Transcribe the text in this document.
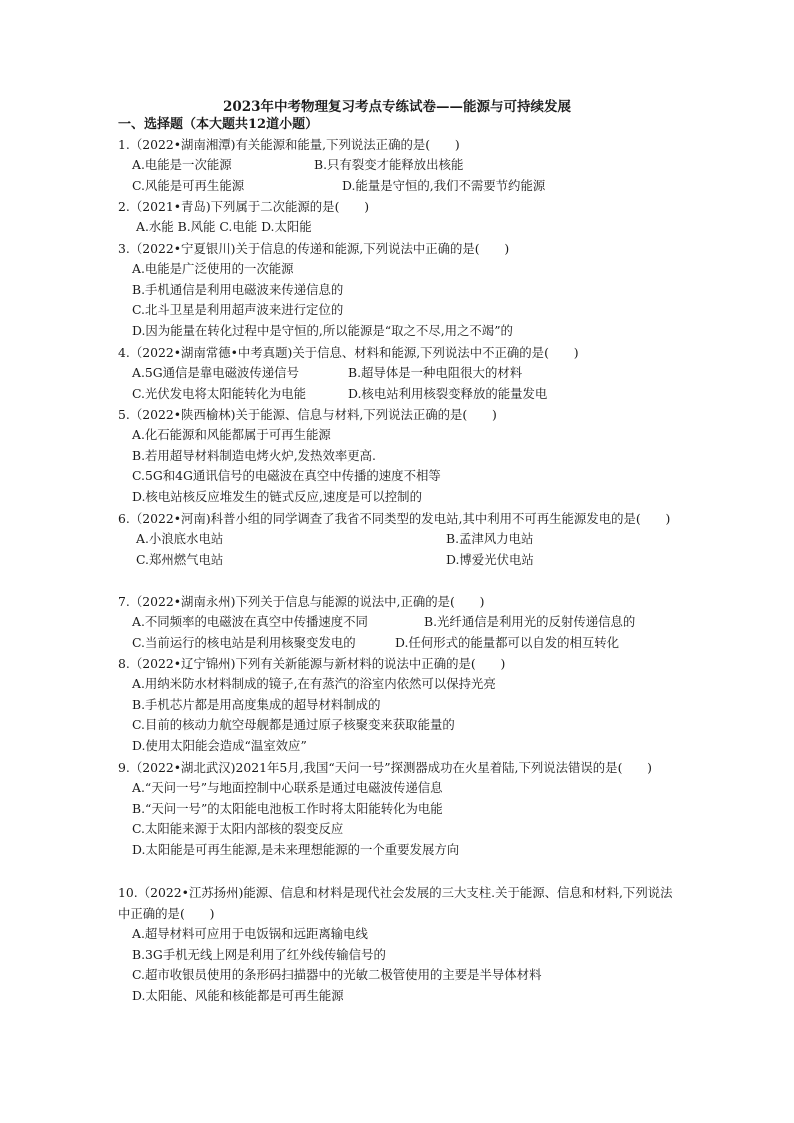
2023年中考物理复习考点专练试卷——能源与可持续发展
一、选择题（本大题共12道小题）
1.（2022•湖南湘潭)有关能源和能量,下列说法正确的是(　　)
A.电能是一次能源	B.只有裂变才能释放出核能
C.风能是可再生能源	D.能量是守恒的,我们不需要节约能源
2.（2021•青岛)下列属于二次能源的是(　　)
A.水能 B.风能 C.电能 D.太阳能
3.（2022•宁夏银川)关于信息的传递和能源,下列说法中正确的是(　　)
A.电能是广泛使用的一次能源
B.手机通信是利用电磁波来传递信息的
C.北斗卫星是利用超声波来进行定位的
D.因为能量在转化过程中是守恒的,所以能源是“取之不尽,用之不竭”的
4.（2022•湖南常德•中考真题)关于信息、材料和能源,下列说法中不正确的是(　　)
A.5G通信是靠电磁波传递信号	B.超导体是一种电阻很大的材料
C.光伏发电将太阳能转化为电能	D.核电站利用核裂变释放的能量发电
5.（2022•陕西榆林)关于能源、信息与材料,下列说法正确的是(　　)
A.化石能源和风能都属于可再生能源
B.若用超导材料制造电烤火炉,发热效率更高.
C.5G和4G通讯信号的电磁波在真空中传播的速度不相等
D.核电站核反应堆发生的链式反应,速度是可以控制的
6.（2022•河南)科普小组的同学调查了我省不同类型的发电站,其中利用不可再生能源发电的是(　　)
A.小浪底水电站	B.孟津风力电站
C.郑州燃气电站	D.博爱光伏电站
7.（2022•湖南永州)下列关于信息与能源的说法中,正确的是(　　)
A.不同频率的电磁波在真空中传播速度不同	B.光纤通信是利用光的反射传递信息的
C.当前运行的核电站是利用核聚变发电的	D.任何形式的能量都可以自发的相互转化
8.（2022•辽宁锦州)下列有关新能源与新材料的说法中正确的是(　　)
A.用纳米防水材料制成的镜子,在有蒸汽的浴室内依然可以保持光亮
B.手机芯片都是用高度集成的超导材料制成的
C.目前的核动力航空母舰都是通过原子核聚变来获取能量的
D.使用太阳能会造成“温室效应”
9.（2022•湖北武汉)2021年5月,我国“天问一号”探测器成功在火星着陆,下列说法错误的是(　　)
A.“天问一号”与地面控制中心联系是通过电磁波传递信息
B.“天问一号”的太阳能电池板工作时将太阳能转化为电能
C.太阳能来源于太阳内部核的裂变反应
D.太阳能是可再生能源,是未来理想能源的一个重要发展方向
10.（2022•江苏扬州)能源、信息和材料是现代社会发展的三大支柱.关于能源、信息和材料,下列说法中正确的是(　　)
A.超导材料可应用于电饭锅和远距离输电线
B.3G手机无线上网是利用了红外线传输信号的
C.超市收银员使用的条形码扫描器中的光敏二极管使用的主要是半导体材料
D.太阳能、风能和核能都是可再生能源
